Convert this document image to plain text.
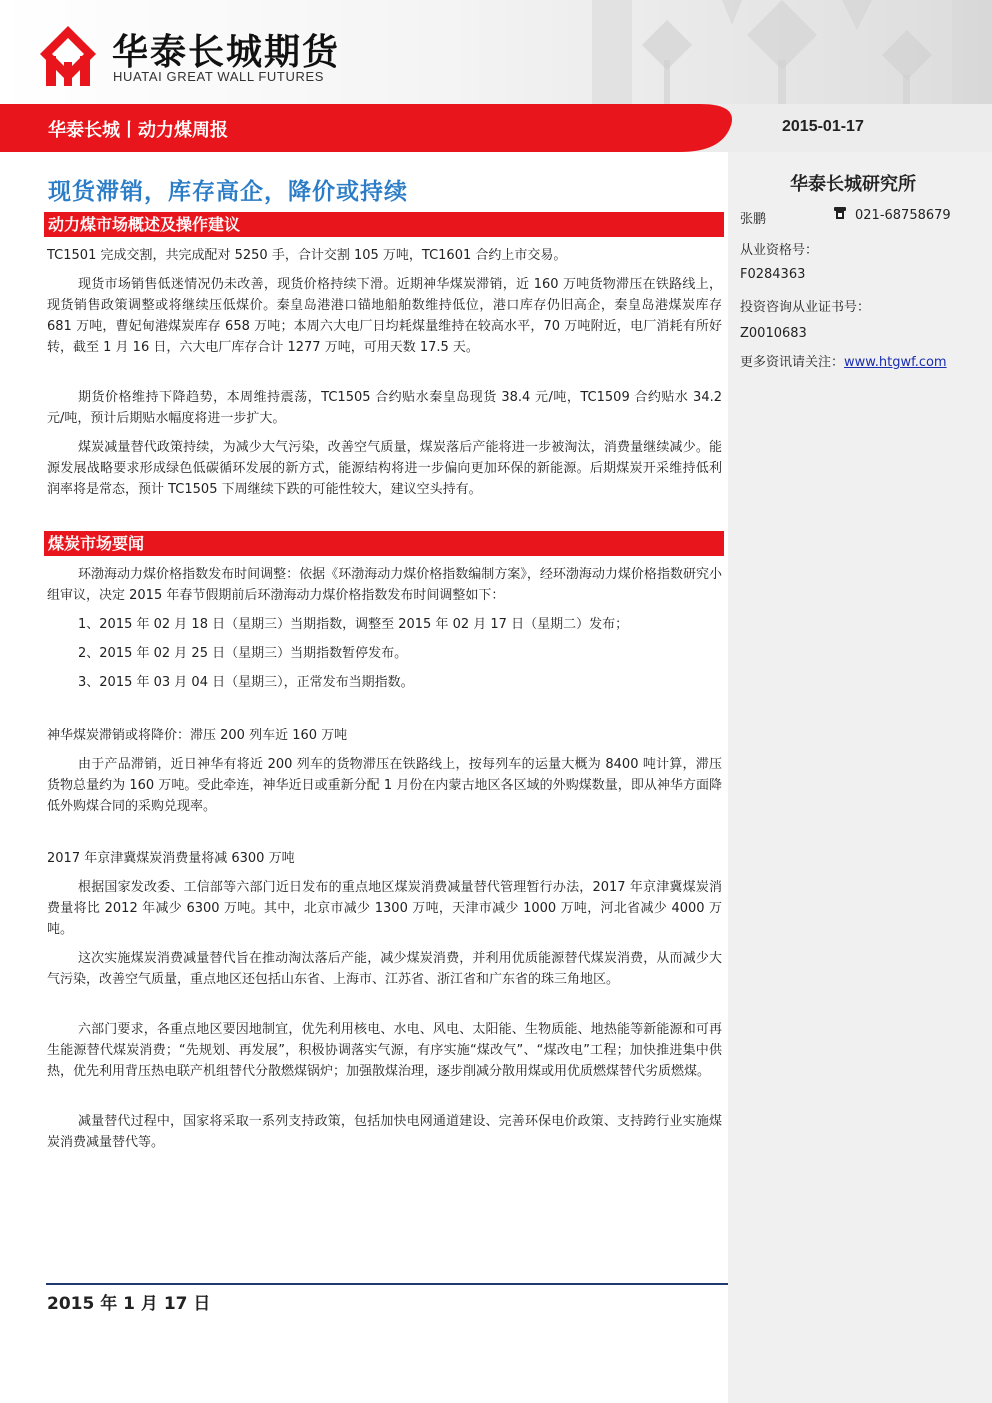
华泰长城期货
HUATAI GREAT WALL FUTURES
华泰长城丨动力煤周报	2015-01-17
现货滞销，库存高企，降价或持续
动力煤市场概述及操作建议
TC1501 完成交割，共完成配对 5250 手，合计交割 105 万吨，TC1601 合约上市交易。
现货市场销售低迷情况仍未改善，现货价格持续下滑。近期神华煤炭滞销，近 160 万吨货物滞压在铁路线上，现货销售政策调整或将继续压低煤价。秦皇岛港港口锚地船舶数维持低位，港口库存仍旧高企，秦皇岛港煤炭库存 681 万吨，曹妃甸港煤炭库存 658 万吨；本周六大电厂日均耗煤量维持在较高水平，70 万吨附近，电厂消耗有所好转，截至 1 月 16 日，六大电厂库存合计 1277 万吨，可用天数 17.5 天。
期货价格维持下降趋势，本周维持震荡，TC1505 合约贴水秦皇岛现货 38.4 元/吨，TC1509 合约贴水 34.2 元/吨，预计后期贴水幅度将进一步扩大。
煤炭减量替代政策持续，为减少大气污染，改善空气质量，煤炭落后产能将进一步被淘汰，消费量继续减少。能源发展战略要求形成绿色低碳循环发展的新方式，能源结构将进一步偏向更加环保的新能源。后期煤炭开采维持低利润率将是常态，预计 TC1505 下周继续下跌的可能性较大，建议空头持有。
煤炭市场要闻
环渤海动力煤价格指数发布时间调整：依据《环渤海动力煤价格指数编制方案》，经环渤海动力煤价格指数研究小组审议，决定 2015 年春节假期前后环渤海动力煤价格指数发布时间调整如下：
1、2015 年 02 月 18 日（星期三）当期指数，调整至 2015 年 02 月 17 日（星期二）发布；
2、2015 年 02 月 25 日（星期三）当期指数暂停发布。
3、2015 年 03 月 04 日（星期三），正常发布当期指数。
神华煤炭滞销或将降价：滞压 200 列车近 160 万吨
由于产品滞销，近日神华有将近 200 列车的货物滞压在铁路线上，按每列车的运量大概为 8400 吨计算，滞压货物总量约为 160 万吨。受此牵连，神华近日或重新分配 1 月份在内蒙古地区各区域的外购煤数量，即从神华方面降低外购煤合同的采购兑现率。
2017 年京津冀煤炭消费量将减 6300 万吨
根据国家发改委、工信部等六部门近日发布的重点地区煤炭消费减量替代管理暂行办法，2017 年京津冀煤炭消费量将比 2012 年减少 6300 万吨。其中，北京市减少 1300 万吨，天津市减少 1000 万吨，河北省减少 4000 万吨。
这次实施煤炭消费减量替代旨在推动淘汰落后产能，减少煤炭消费，并利用优质能源替代煤炭消费，从而减少大气污染，改善空气质量，重点地区还包括山东省、上海市、江苏省、浙江省和广东省的珠三角地区。
六部门要求，各重点地区要因地制宜，优先利用核电、水电、风电、太阳能、生物质能、地热能等新能源和可再生能源替代煤炭消费；“先规划、再发展”，积极协调落实气源，有序实施“煤改气”、“煤改电”工程；加快推进集中供热，优先利用背压热电联产机组替代分散燃煤锅炉；加强散煤治理，逐步削减分散用煤或用优质燃煤替代劣质燃煤。
减量替代过程中，国家将采取一系列支持政策，包括加快电网通道建设、完善环保电价政策、支持跨行业实施煤炭消费减量替代等。
华泰长城研究所
张鹏	021-68758679
从业资格号：
F0284363
投资咨询从业证书号：
Z0010683
更多资讯请关注：www.htgwf.com
2015 年 1 月 17 日
